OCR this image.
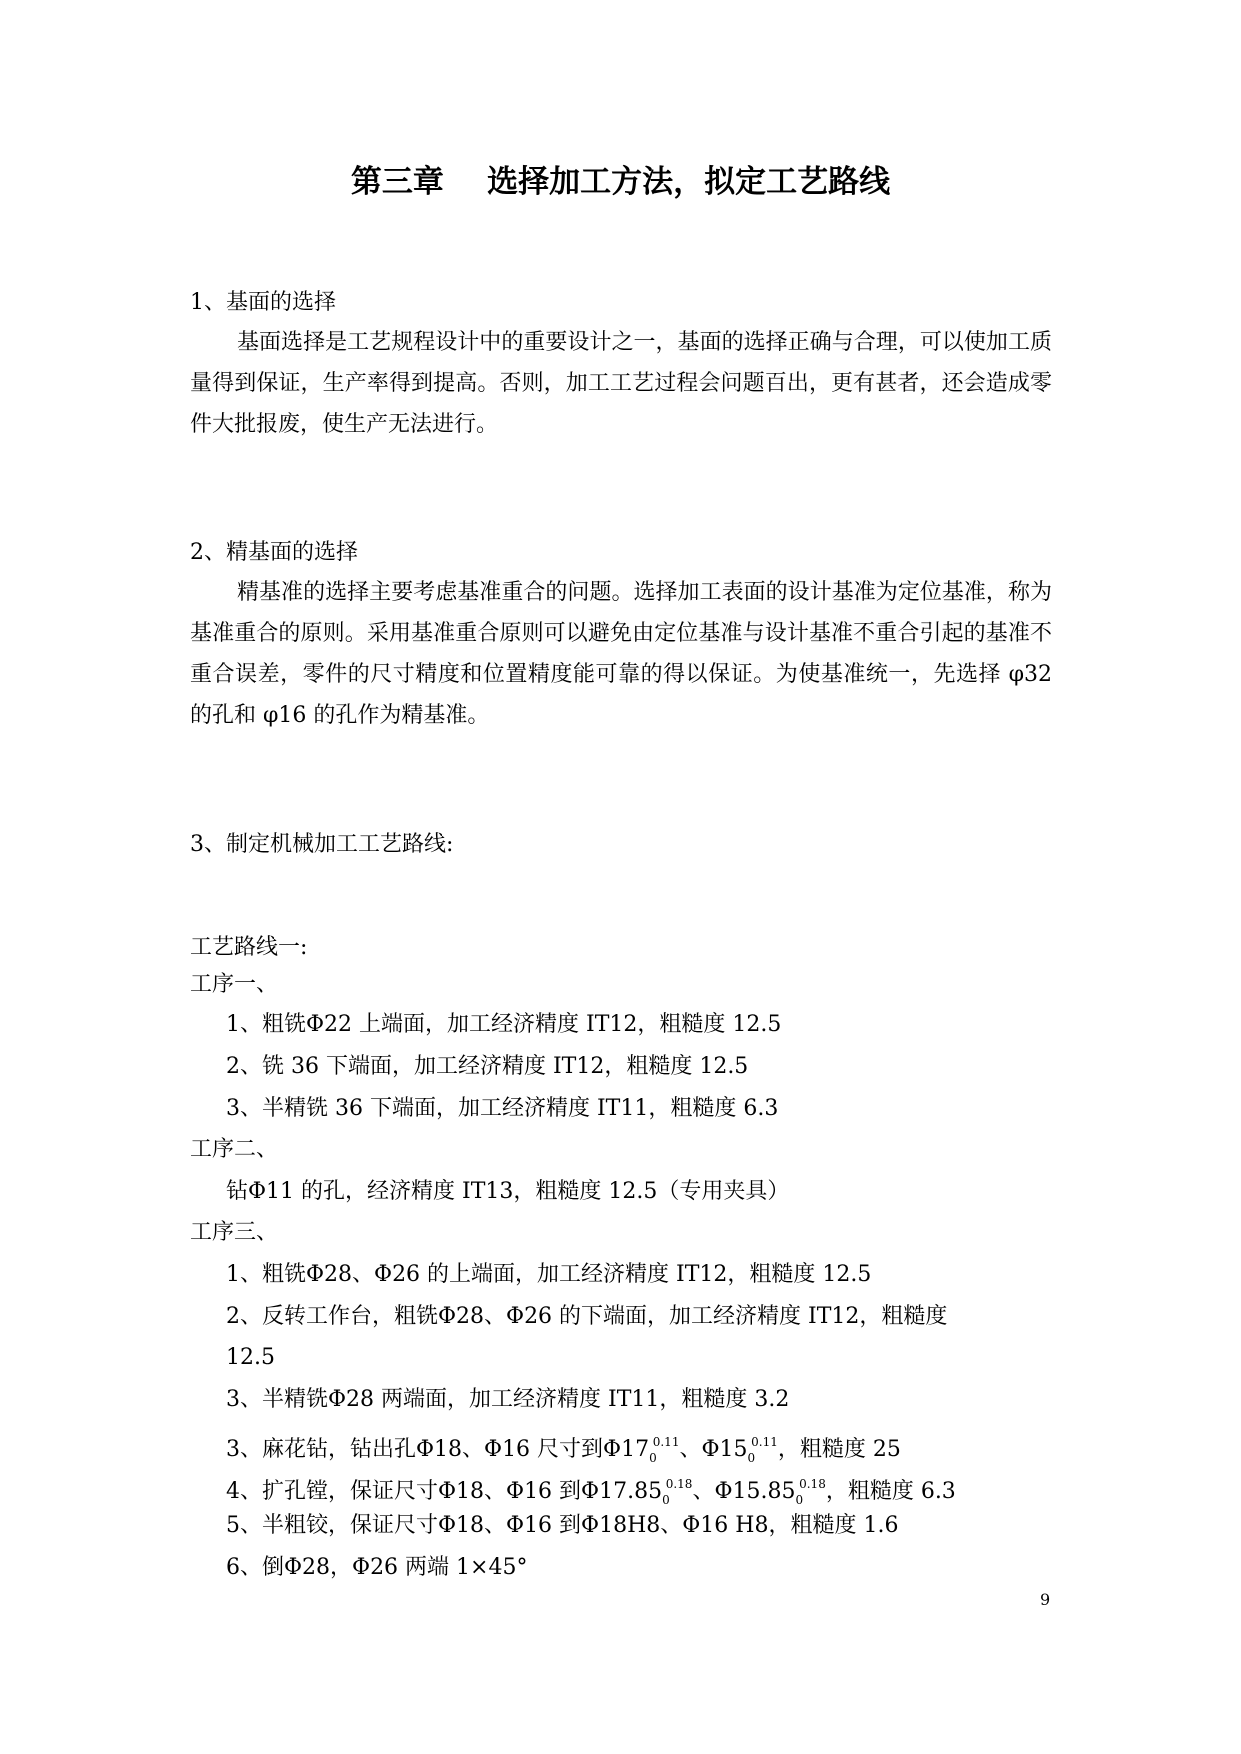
第三章    选择加工方法，拟定工艺路线
1、基面的选择
基面选择是工艺规程设计中的重要设计之一，基面的选择正确与合理，可以使加工质量得到保证，生产率得到提高。否则，加工工艺过程会问题百出，更有甚者，还会造成零件大批报废，使生产无法进行。
2、精基面的选择
精基准的选择主要考虑基准重合的问题。选择加工表面的设计基准为定位基准，称为基准重合的原则。采用基准重合原则可以避免由定位基准与设计基准不重合引起的基准不重合误差，零件的尺寸精度和位置精度能可靠的得以保证。为使基准统一，先选择 φ32 的孔和 φ16 的孔作为精基准。
3、制定机械加工工艺路线:
工艺路线一:
工序一、
1、粗铣Φ22 上端面，加工经济精度 IT12，粗糙度 12.5
2、铣 36 下端面，加工经济精度 IT12，粗糙度 12.5
3、半精铣 36 下端面，加工经济精度 IT11，粗糙度 6.3
工序二、
钻Φ11 的孔，经济精度 IT13，粗糙度 12.5（专用夹具）
工序三、
1、粗铣Φ28、Φ26 的上端面，加工经济精度 IT12，粗糙度 12.5
2、反转工作台，粗铣Φ28、Φ26 的下端面，加工经济精度 IT12，粗糙度
12.5
3、半精铣Φ28 两端面，加工经济精度 IT11，粗糙度 3.2
3、麻花钻，钻出孔Φ18、Φ16 尺寸到$\Phi 17_0^{0.11}$、$\Phi 15_0^{0.11}$，粗糙度 25
4、扩孔镗，保证尺寸Φ18、Φ16 到$\Phi 17.85_0^{0.18}$、$\Phi 15.85_0^{0.18}$，粗糙度 6.3
5、半粗铰，保证尺寸Φ18、Φ16 到Φ18H8、Φ16 H8，粗糙度 1.6
6、倒Φ28，Φ26 两端 1×45°
9
